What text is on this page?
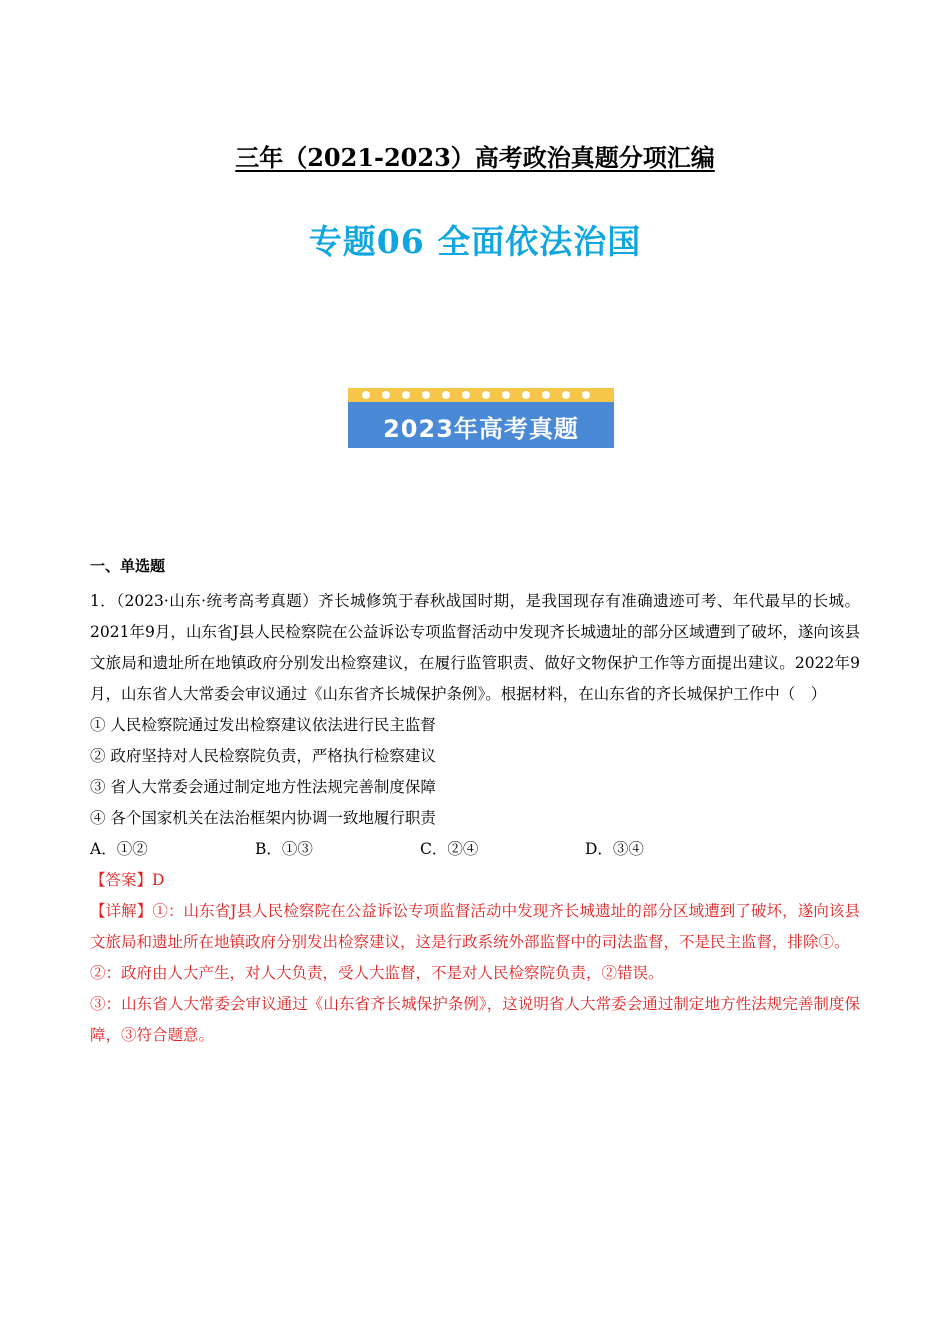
三年（2021-2023）高考政治真题分项汇编
专题06 全面依法治国
2023年高考真题
一、单选题

1．（2023·山东·统考高考真题）齐长城修筑于春秋战国时期，是我国现存有准确遗迹可考、年代最早的长城。2021年9月，山东省J县人民检察院在公益诉讼专项监督活动中发现齐长城遗址的部分区域遭到了破坏，遂向该县文旅局和遗址所在地镇政府分别发出检察建议，在履行监管职责、做好文物保护工作等方面提出建议。2022年9月，山东省人大常委会审议通过《山东省齐长城保护条例》。根据材料，在山东省的齐长城保护工作中（　）

① 人民检察院通过发出检察建议依法进行民主监督

② 政府坚持对人民检察院负责，严格执行检察建议

③ 省人大常委会通过制定地方性法规完善制度保障

④ 各个国家机关在法治框架内协调一致地履行职责

A．①②	B．①③	C．②④	D．③④

【答案】D

【详解】①：山东省J县人民检察院在公益诉讼专项监督活动中发现齐长城遗址的部分区域遭到了破坏，遂向该县文旅局和遗址所在地镇政府分别发出检察建议，这是行政系统外部监督中的司法监督，不是民主监督，排除①。

②：政府由人大产生，对人大负责，受人大监督，不是对人民检察院负责，②错误。

③：山东省人大常委会审议通过《山东省齐长城保护条例》，这说明省人大常委会通过制定地方性法规完善制度保障，③符合题意。
